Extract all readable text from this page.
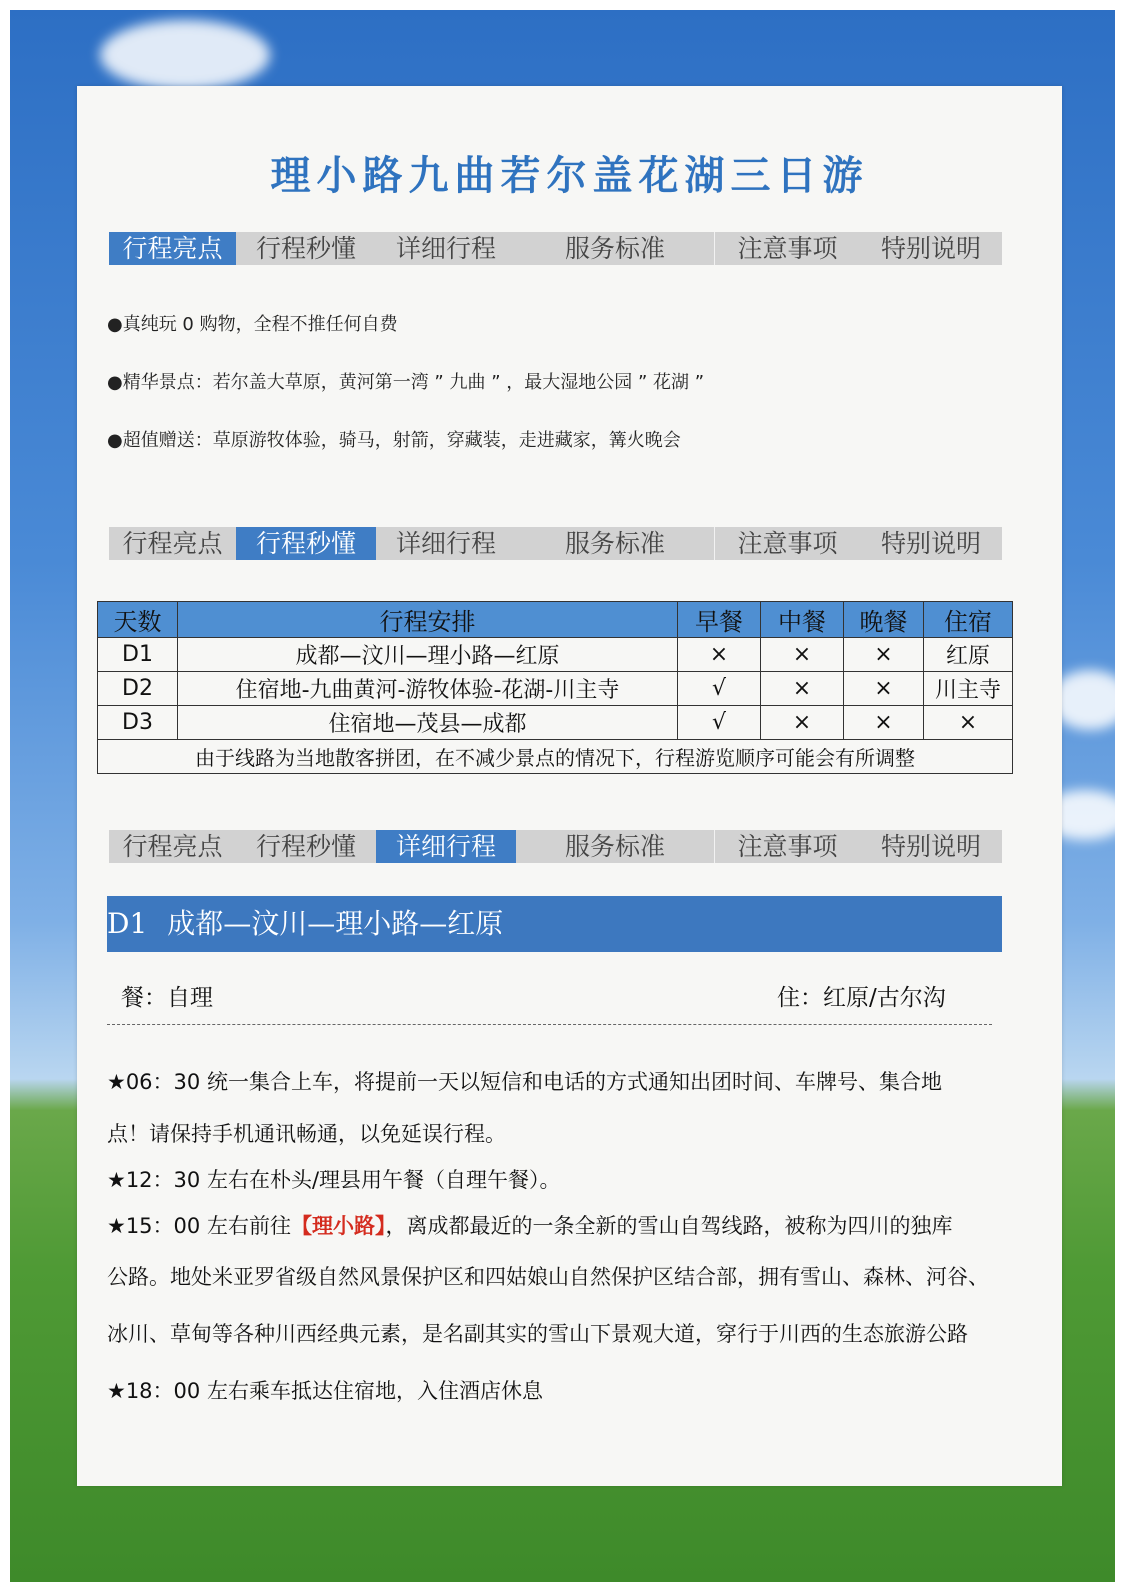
理小路九曲若尔盖花湖三日游
行程亮点	行程秒懂	详细行程	服务标准	注意事项	特别说明
●真纯玩 0 购物，全程不推任何自费
●精华景点：若尔盖大草原，黄河第一湾 ” 九曲 ” ，最大湿地公园 ” 花湖 ”
●超值赠送：草原游牧体验，骑马，射箭，穿藏装，走进藏家，篝火晚会
行程亮点	行程秒懂	详细行程	服务标准	注意事项	特别说明
天数	行程安排	早餐	中餐	晚餐	住宿
D1	成都—汶川—理小路—红原	×	×	×	红原
D2	住宿地-九曲黄河-游牧体验-花湖-川主寺	√	×	×	川主寺
D3	住宿地—茂县—成都	√	×	×	×
由于线路为当地散客拼团，在不减少景点的情况下，行程游览顺序可能会有所调整					
行程亮点	行程秒懂	详细行程	服务标准	注意事项	特别说明
D1 成都—汶川—理小路—红原
餐：自理	住：红原/古尔沟

★06：30 统一集合上车，将提前一天以短信和电话的方式通知出团时间、车牌号、集合地

点！请保持手机通讯畅通，以免延误行程。

★12：30 左右在朴头/理县用午餐（自理午餐）。

★15：00 左右前往【理小路】，离成都最近的一条全新的雪山自驾线路，被称为四川的独库

公路。地处米亚罗省级自然风景保护区和四姑娘山自然保护区结合部，拥有雪山、森林、河谷、

冰川、草甸等各种川西经典元素，是名副其实的雪山下景观大道，穿行于川西的生态旅游公路

★18：00 左右乘车抵达住宿地，入住酒店休息
